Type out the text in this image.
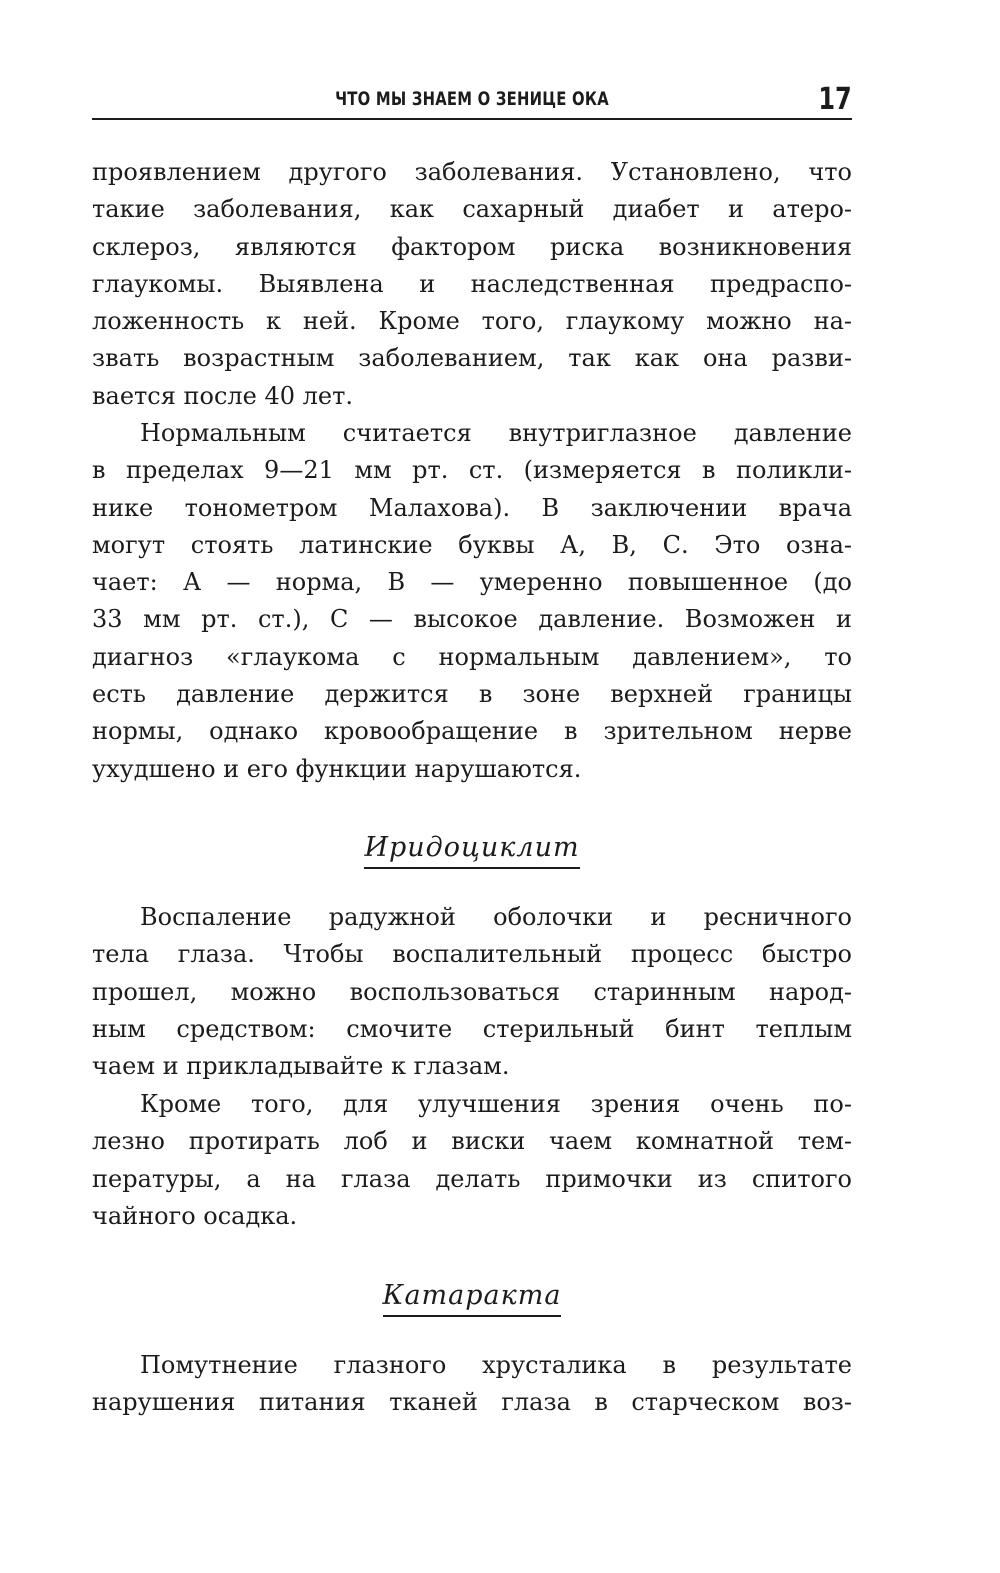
ЧТО МЫ ЗНАЕМ О ЗЕНИЦЕ ОКА	17

проявлением другого заболевания. Установлено, что
такие заболевания, как сахарный диабет и атеро-
склероз, являются фактором риска возникновения
глаукомы. Выявлена и наследственная предраспо-
ложенность к ней. Кроме того, глаукому можно на-
звать возрастным заболеванием, так как она разви-
вается после 40 лет.

Нормальным считается внутриглазное давление
в пределах 9—21 мм рт. ст. (измеряется в поликли-
нике тонометром Малахова). В заключении врача
могут стоять латинские буквы А, В, С. Это озна-
чает: А — норма, В — умеренно повышенное (до
33 мм рт. ст.), С — высокое давление. Возможен и
диагноз «глаукома с нормальным давлением», то
есть давление держится в зоне верхней границы
нормы, однако кровообращение в зрительном нерве
ухудшено и его функции нарушаются.

Иридоциклит

Воспаление радужной оболочки и ресничного
тела глаза. Чтобы воспалительный процесс быстро
прошел, можно воспользоваться старинным народ-
ным средством: смочите стерильный бинт теплым
чаем и прикладывайте к глазам.

Кроме того, для улучшения зрения очень по-
лезно протирать лоб и виски чаем комнатной тем-
пературы, а на глаза делать примочки из спитого
чайного осадка.

Катаракта

Помутнение глазного хрусталика в результате
нарушения питания тканей глаза в старческом воз-
